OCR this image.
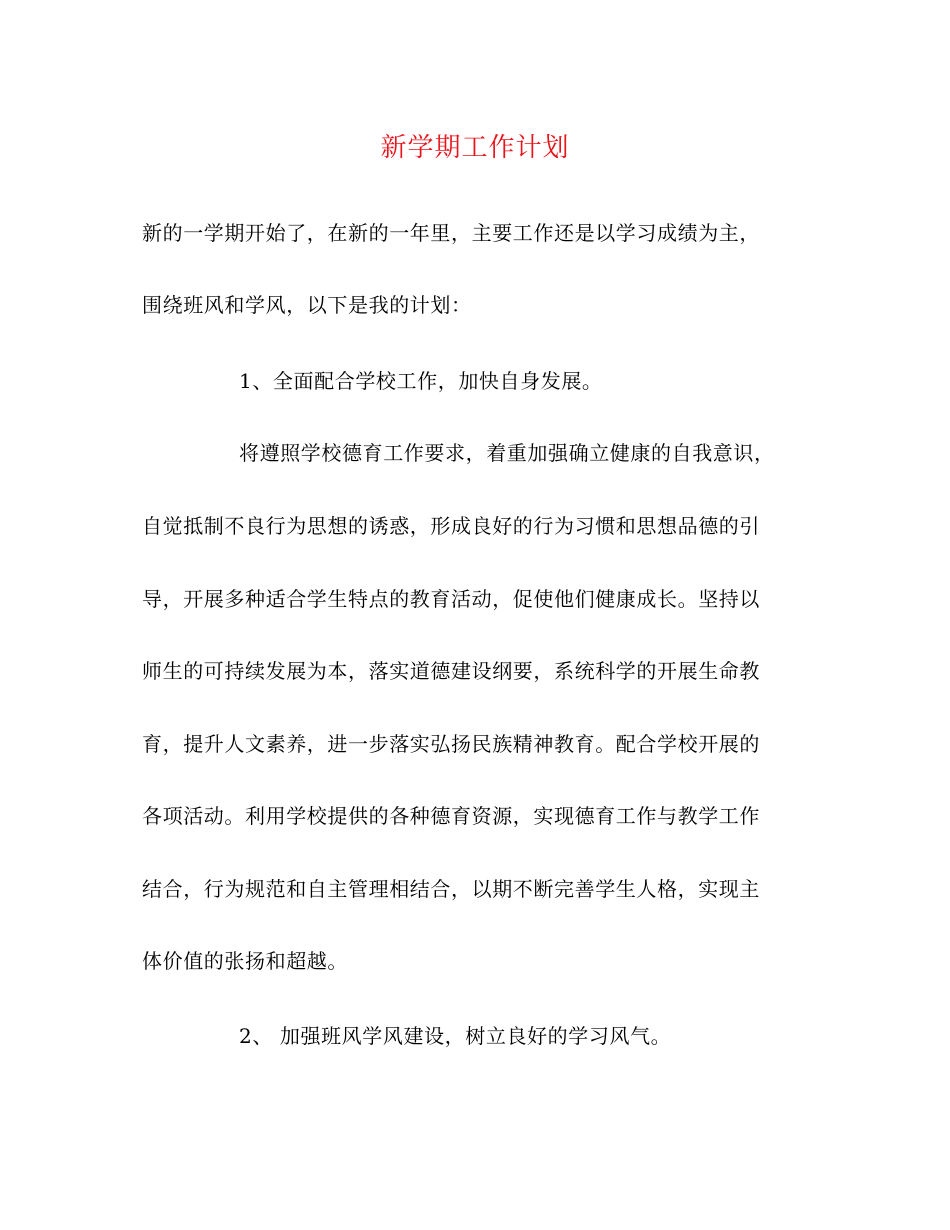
新学期工作计划
新的一学期开始了，在新的一年里，主要工作还是以学习成绩为主，
围绕班风和学风，以下是我的计划：
1、全面配合学校工作，加快自身发展。
将遵照学校德育工作要求，着重加强确立健康的自我意识，
自觉抵制不良行为思想的诱惑，形成良好的行为习惯和思想品德的引
导，开展多种适合学生特点的教育活动，促使他们健康成长。坚持以
师生的可持续发展为本，落实道德建设纲要，系统科学的开展生命教
育，提升人文素养，进一步落实弘扬民族精神教育。配合学校开展的
各项活动。利用学校提供的各种德育资源，实现德育工作与教学工作
结合，行为规范和自主管理相结合，以期不断完善学生人格，实现主
体价值的张扬和超越。
2、 加强班风学风建设，树立良好的学习风气。
